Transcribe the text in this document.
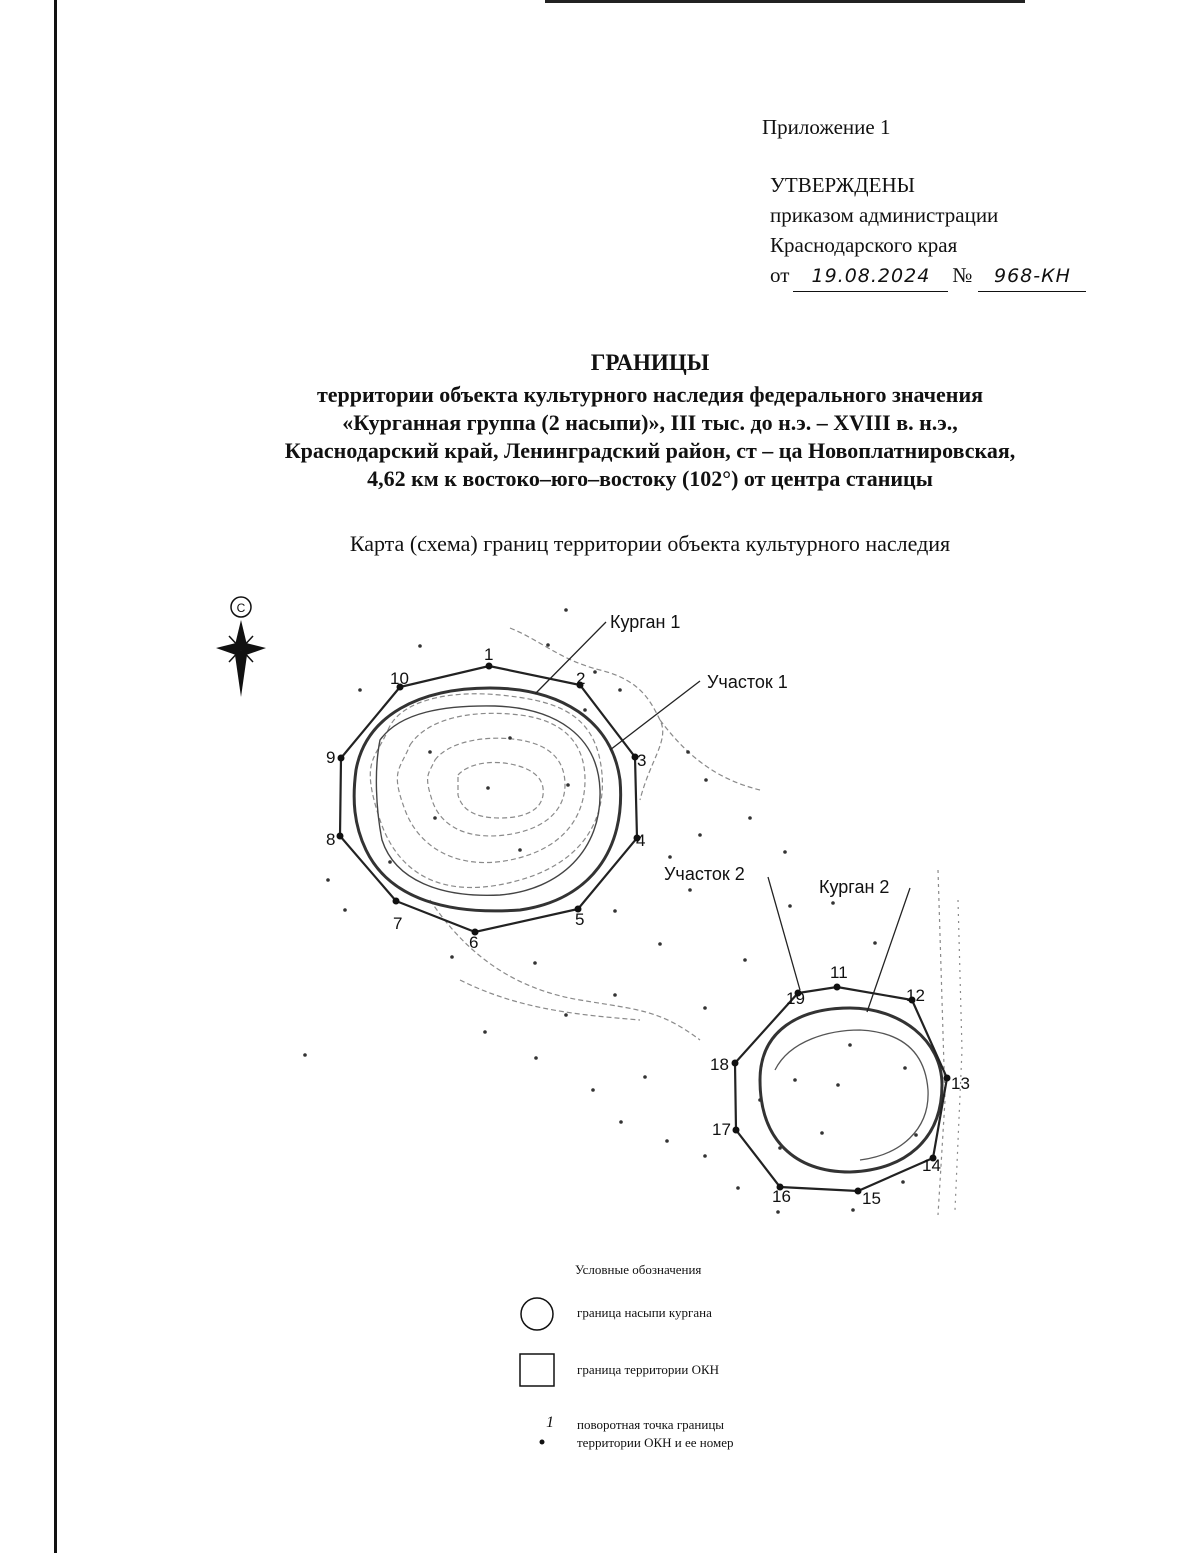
Приложение 1
УТВЕРЖДЕНЫ
приказом администрации
Краснодарского края
от 19.08.2024 № 968-КН
ГРАНИЦЫ
территории объекта культурного наследия федерального значения
«Курганная группа (2 насыпи)», III тыс. до н.э. – XVIII в. н.э.,
Краснодарский край, Ленинградский район, ст – ца Новоплатнировская,
4,62 км к востоко–юго–востоку (102°) от центра станицы
Карта (схема) границ территории объекта культурного наследия
С
1
2
3
4
5
6
7
8
9
10
11
12
13
14
15
16
17
18
19
Курган 1
Участок 1
Участок 2
Курган 2
Условные обозначения
граница насыпи кургана
граница территории ОКН
1 поворотная точка границы
территории ОКН и ее номер
